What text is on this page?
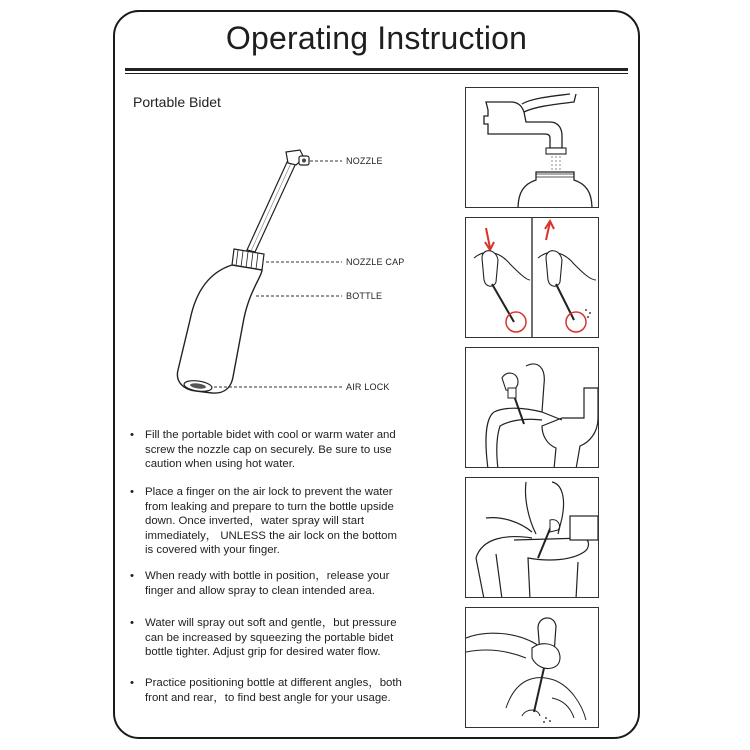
Operating Instruction
Portable Bidet
NOZZLE
NOZZLE CAP
BOTTLE
AIR LOCK
• Fill the portable bidet with cool or warm water and
screw the nozzle cap on securely. Be sure to use
caution when using hot water.
• Place a finger on the air lock to prevent the water
from leaking and prepare to turn the bottle upside
down. Once inverted，water spray will start
immediately， UNLESS the air lock on the bottom
is covered with your finger.
• When ready with bottle in position，release your
finger and allow spray to clean intended area.
• Water will spray out soft and gentle，but pressure
can be increased by squeezing the portable bidet
bottle tighter. Adjust grip for desired water flow.
• Practice positioning bottle at different angles，both
front and rear，to find best angle for your usage.
